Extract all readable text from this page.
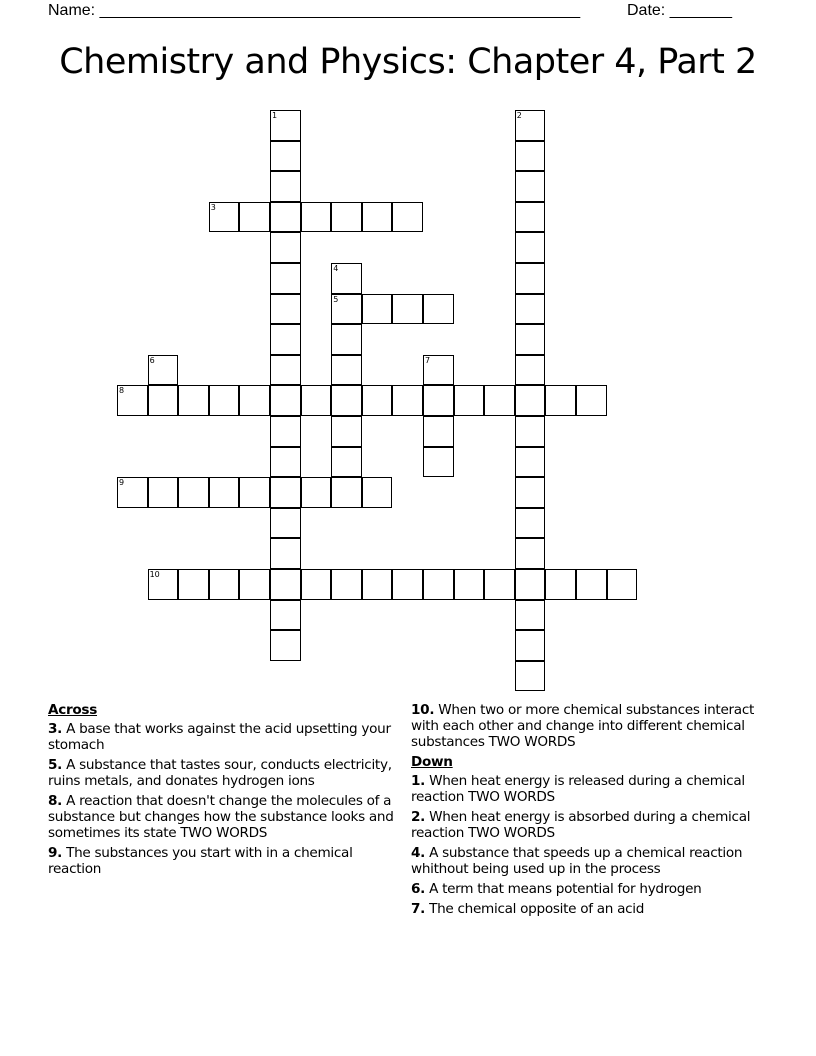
Name: ______________________________________________________	Date: _______
Chemistry and Physics: Chapter 4, Part 2
1	2
3
4
5
6	7
8
9
10
Across
3. A base that works against the acid upsetting your stomach
5. A substance that tastes sour, conducts electricity, ruins metals, and donates hydrogen ions
8. A reaction that doesn't change the molecules of a substance but changes how the substance looks and sometimes its state TWO WORDS
9. The substances you start with in a chemical reaction
10. When two or more chemical substances interact with each other and change into different chemical substances TWO WORDS
Down
1. When heat energy is released during a chemical reaction TWO WORDS
2. When heat energy is absorbed during a chemical reaction TWO WORDS
4. A substance that speeds up a chemical reaction whithout being used up in the process
6. A term that means potential for hydrogen
7. The chemical opposite of an acid
